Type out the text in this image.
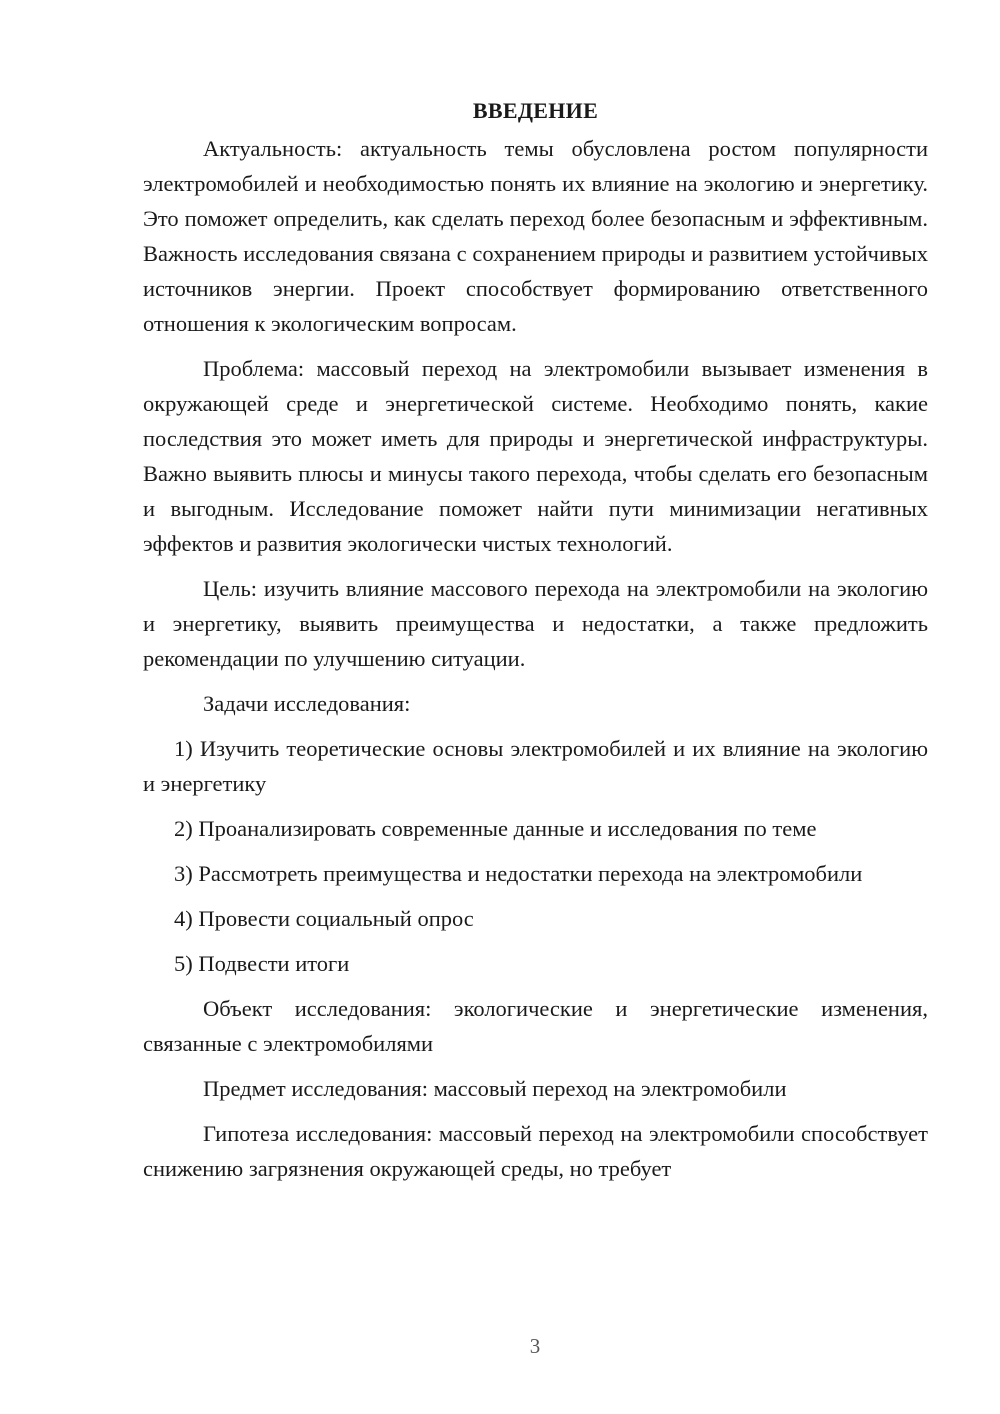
ВВЕДЕНИЕ

Актуальность: актуальность темы обусловлена ростом популярности электромобилей и необходимостью понять их влияние на экологию и энергетику. Это поможет определить, как сделать переход более безопасным и эффективным. Важность исследования связана с сохранением природы и развитием устойчивых источников энергии. Проект способствует формированию ответственного отношения к экологическим вопросам.

Проблема: массовый переход на электромобили вызывает изменения в окружающей среде и энергетической системе. Необходимо понять, какие последствия это может иметь для природы и энергетической инфраструктуры. Важно выявить плюсы и минусы такого перехода, чтобы сделать его безопасным и выгодным. Исследование поможет найти пути минимизации негативных эффектов и развития экологически чистых технологий.

Цель: изучить влияние массового перехода на электромобили на экологию и энергетику, выявить преимущества и недостатки, а также предложить рекомендации по улучшению ситуации.

Задачи исследования:

1) Изучить теоретические основы электромобилей и их влияние на экологию и энергетику

2) Проанализировать современные данные и исследования по теме

3) Рассмотреть преимущества и недостатки перехода на электромобили

4) Провести социальный опрос

5) Подвести итоги

Объект исследования: экологические и энергетические изменения, связанные с электромобилями

Предмет исследования: массовый переход на электромобили

Гипотеза исследования: массовый переход на электромобили способствует снижению загрязнения окружающей среды, но требует

3
